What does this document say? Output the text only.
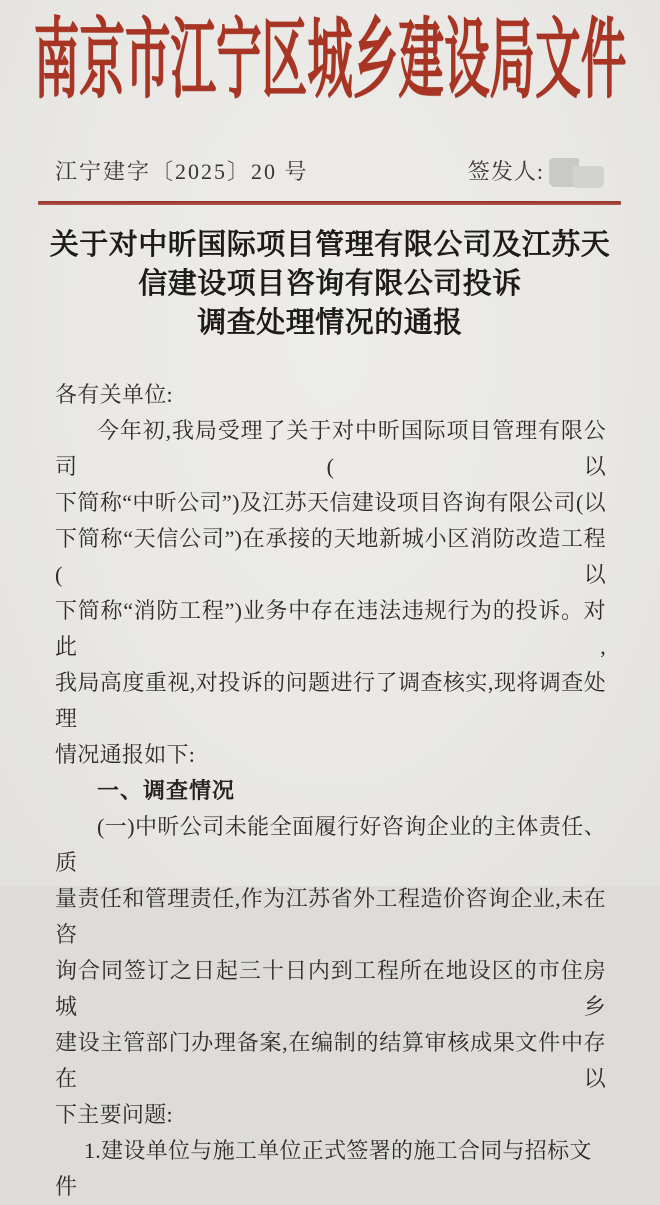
南京市江宁区城乡建设局文件
江宁建字〔2025〕20 号	签发人:
关于对中昕国际项目管理有限公司及江苏天
信建设项目咨询有限公司投诉
调查处理情况的通报
各有关单位:
今年初,我局受理了关于对中昕国际项目管理有限公司(以
下简称“中昕公司”)及江苏天信建设项目咨询有限公司(以
下简称“天信公司”)在承接的天地新城小区消防改造工程(以
下简称“消防工程”)业务中存在违法违规行为的投诉。对此,
我局高度重视,对投诉的问题进行了调查核实,现将调查处理
情况通报如下:
一、调查情况
(一)中昕公司未能全面履行好咨询企业的主体责任、质
量责任和管理责任,作为江苏省外工程造价咨询企业,未在咨
询合同签订之日起三十日内到工程所在地设区的市住房城乡
建设主管部门办理备案,在编制的结算审核成果文件中存在以
下主要问题:
1.建设单位与施工单位正式签署的施工合同与招标文件
